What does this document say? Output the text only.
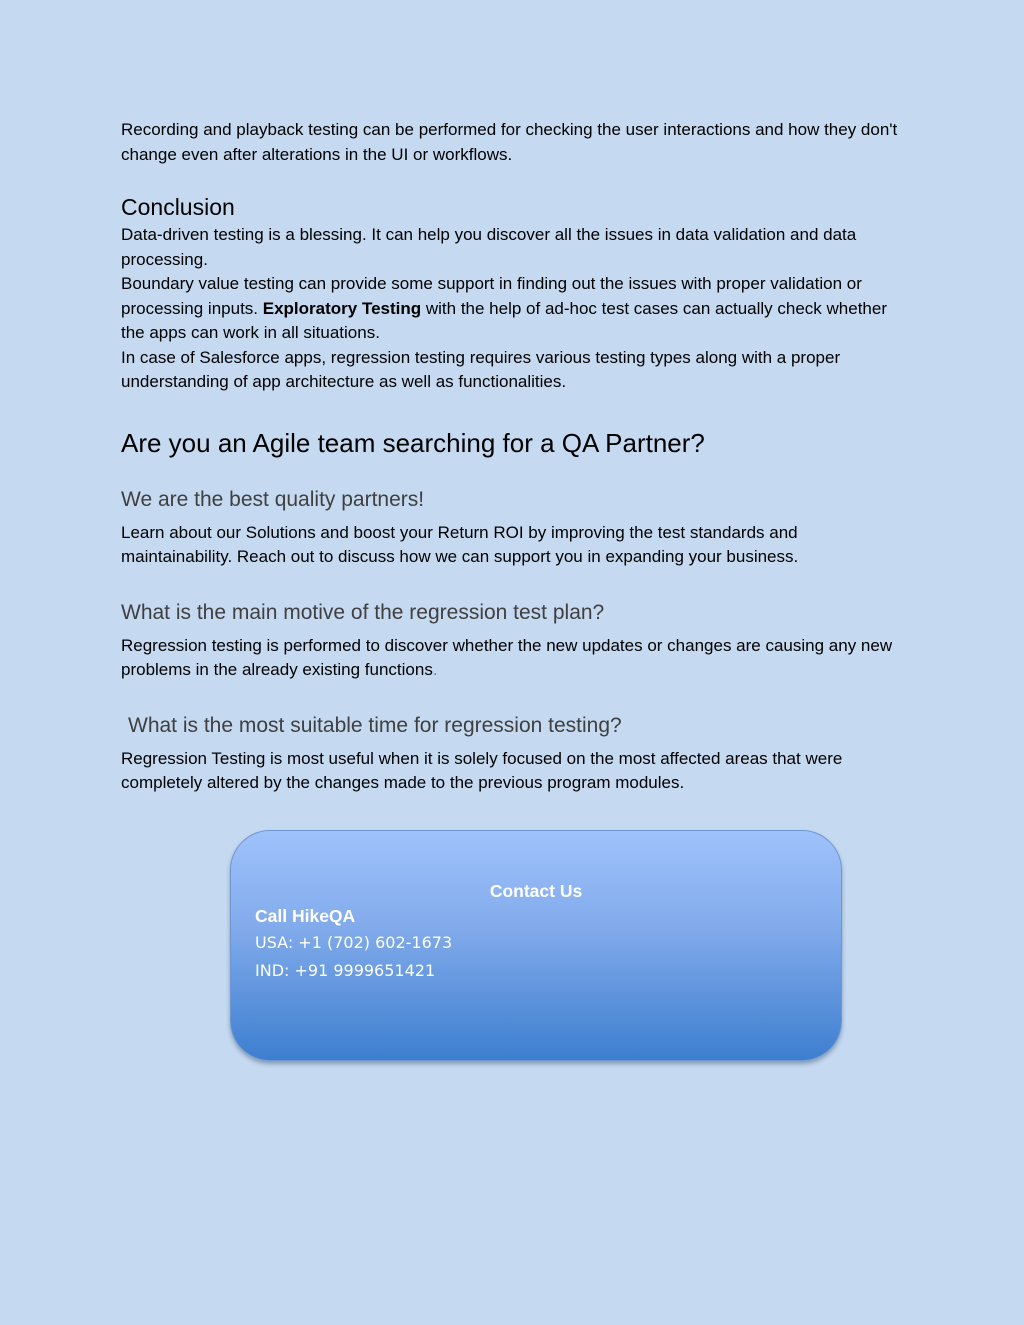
Recording and playback testing can be performed for checking the user interactions and how they don't change even after alterations in the UI or workflows.

Conclusion

Data-driven testing is a blessing. It can help you discover all the issues in data validation and data processing.

Boundary value testing can provide some support in finding out the issues with proper validation or processing inputs. Exploratory Testing with the help of ad-hoc test cases can actually check whether the apps can work in all situations.

In case of Salesforce apps, regression testing requires various testing types along with a proper understanding of app architecture as well as functionalities.

Are you an Agile team searching for a QA Partner?
We are the best quality partners!

Learn about our Solutions and boost your Return ROI by improving the test standards and maintainability. Reach out to discuss how we can support you in expanding your business.

What is the main motive of the regression test plan?

Regression testing is performed to discover whether the new updates or changes are causing any new problems in the already existing functions.

What is the most suitable time for regression testing?

Regression Testing is most useful when it is solely focused on the most affected areas that were completely altered by the changes made to the previous program modules.

Contact Us
Call HikeQA
USA: +1 (702) 602-1673
IND: +91 9999651421
